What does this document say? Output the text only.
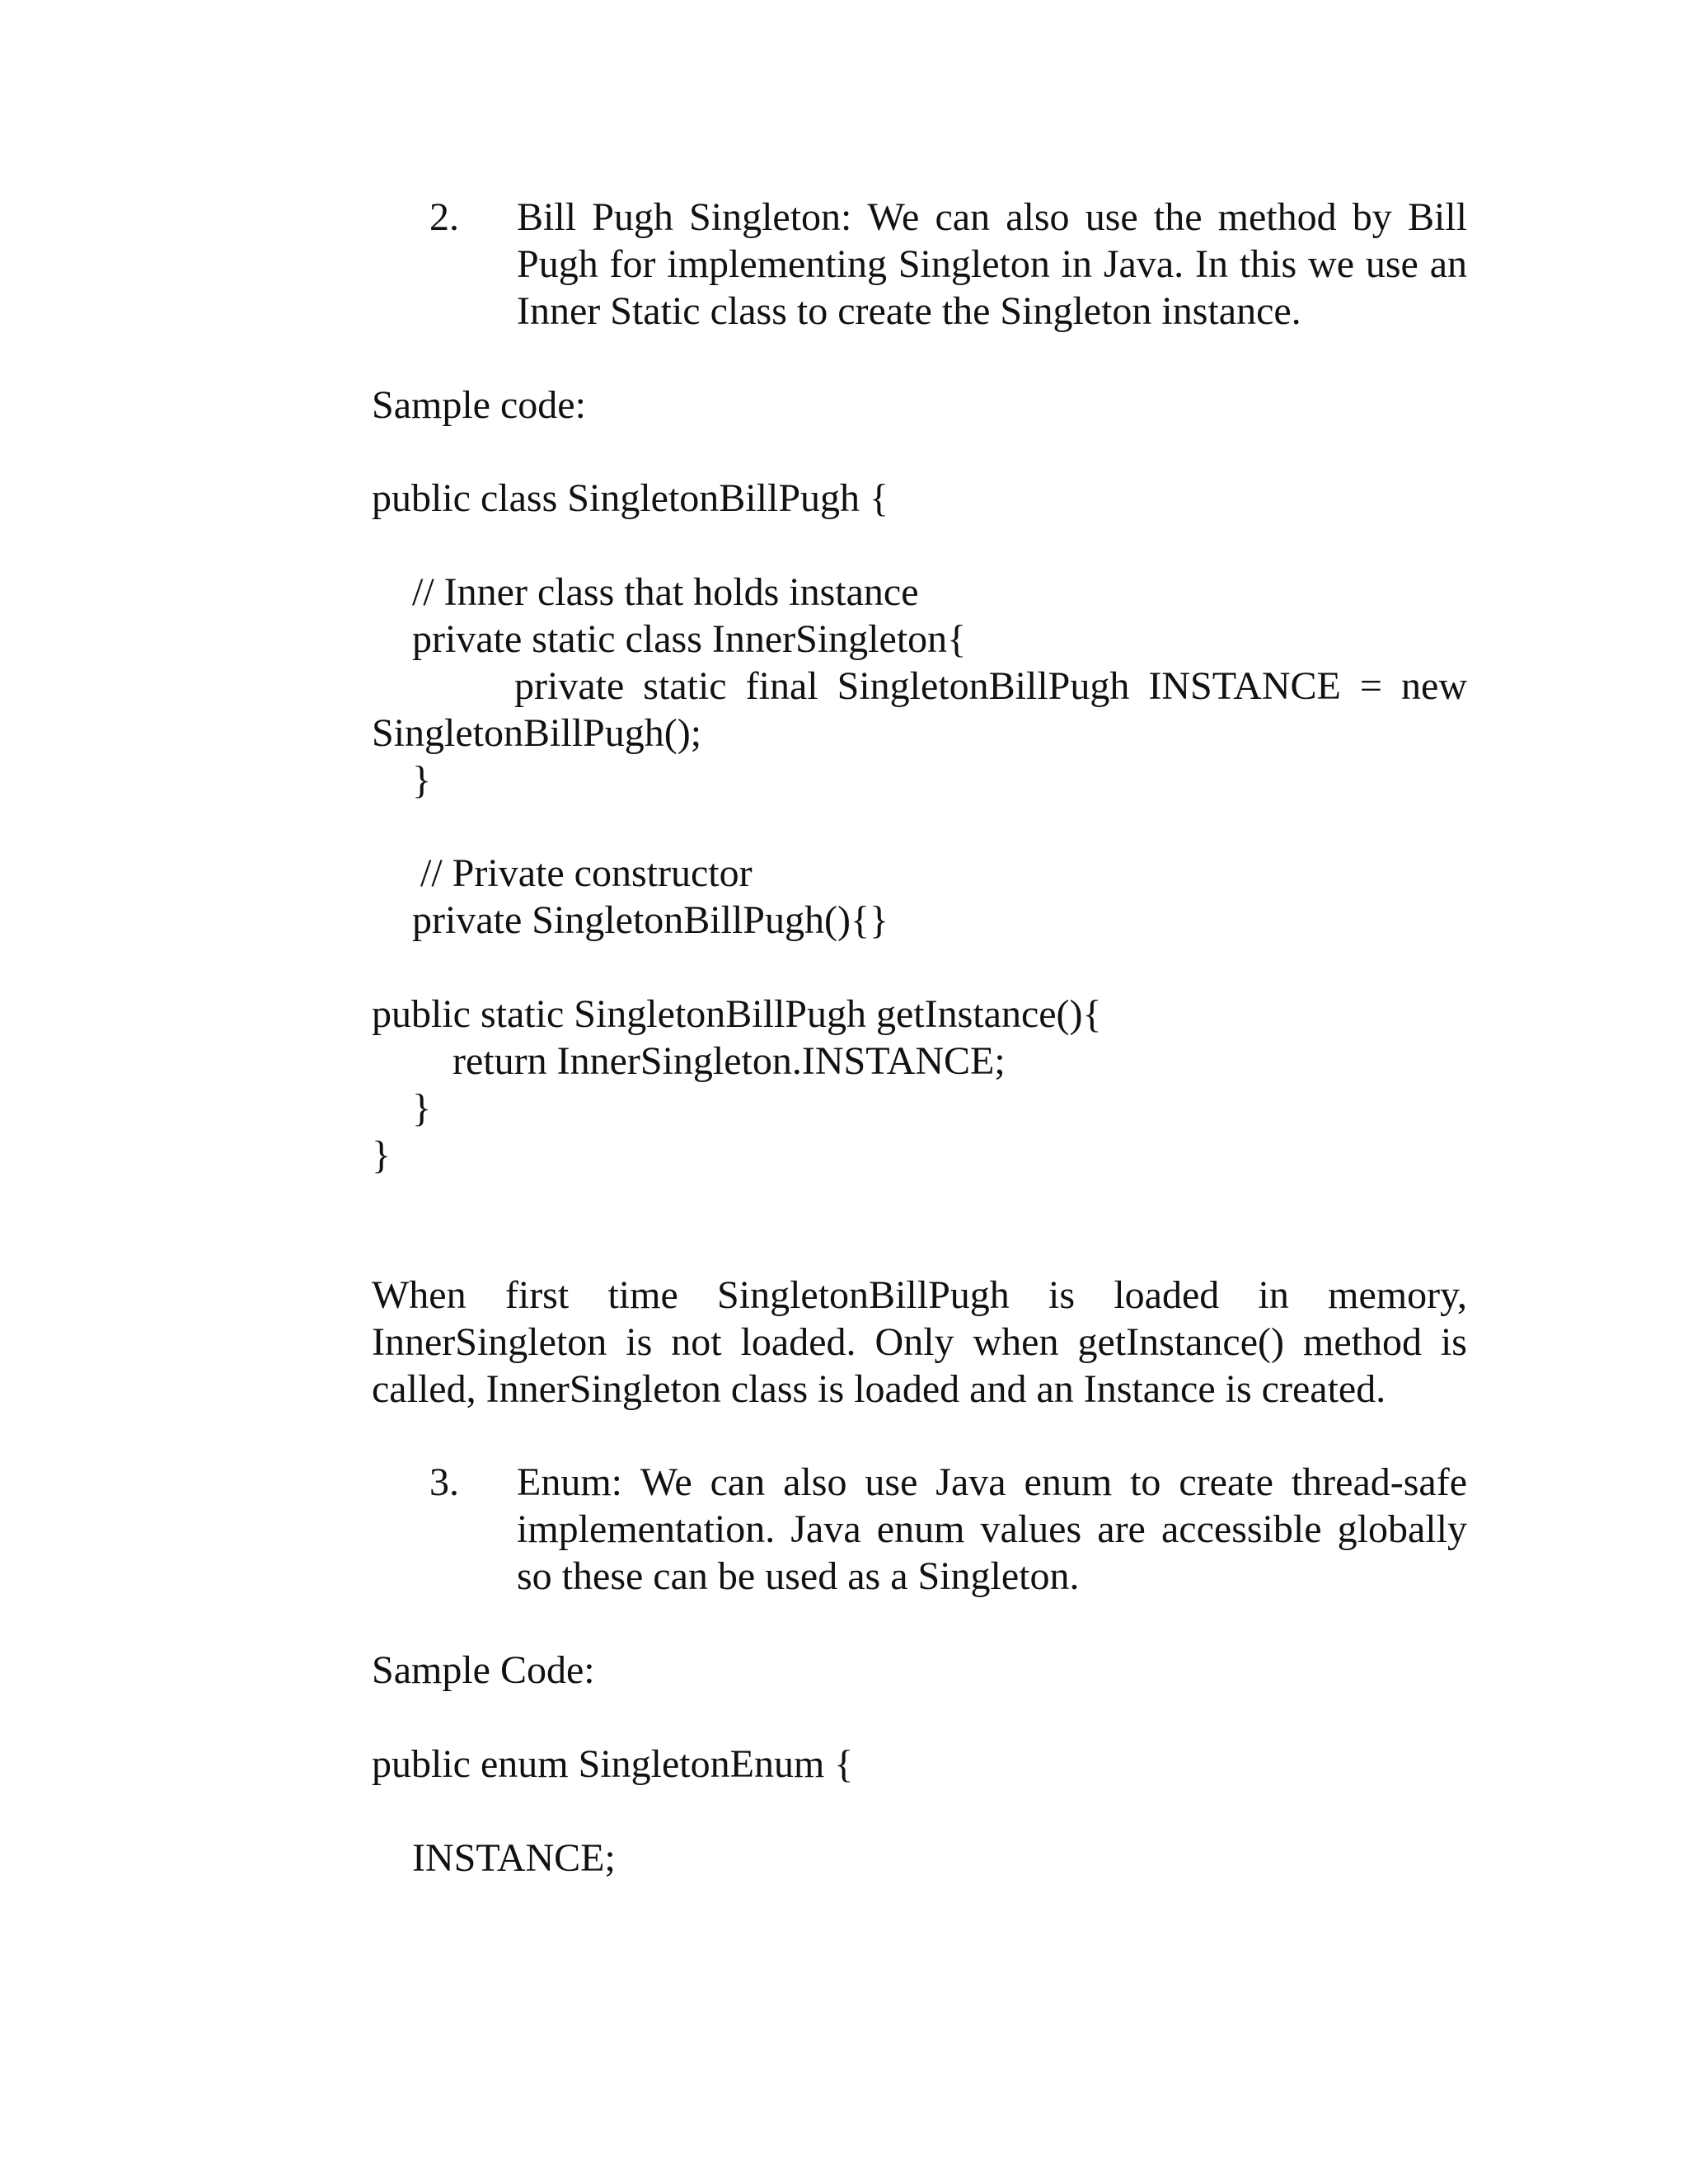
2. Bill Pugh Singleton: We can also use the method by Bill
Pugh for implementing Singleton in Java. In this we use an
Inner Static class to create the Singleton instance.
Sample code:
public class SingletonBillPugh {
// Inner class that holds instance
private static class InnerSingleton{
private static final SingletonBillPugh INSTANCE = new
SingletonBillPugh();
}
// Private constructor
private SingletonBillPugh(){}
public static SingletonBillPugh getInstance(){
return InnerSingleton.INSTANCE;
}
}
When first time SingletonBillPugh is loaded in memory,
InnerSingleton is not loaded. Only when getInstance() method is
called, InnerSingleton class is loaded and an Instance is created.
3. Enum: We can also use Java enum to create thread-safe
implementation. Java enum values are accessible globally
so these can be used as a Singleton.
Sample Code:
public enum SingletonEnum {
INSTANCE;
